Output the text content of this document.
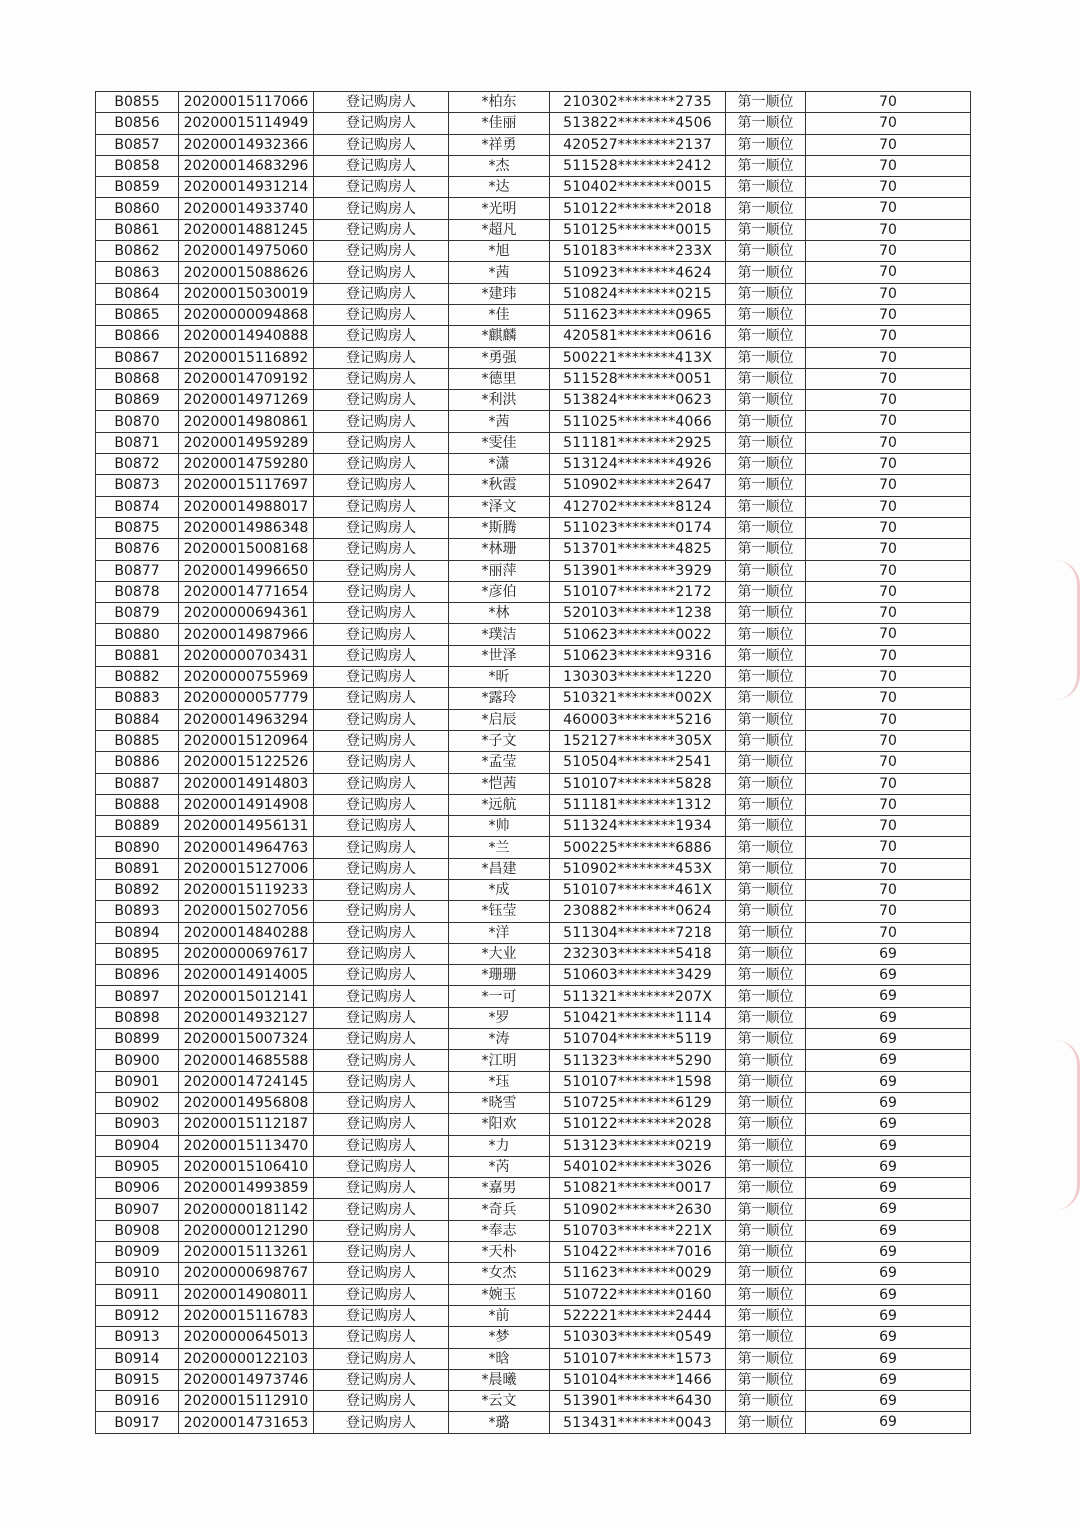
B0855	20200015117066	登记购房人	*柏东	210302********2735	第一顺位	70
B0856	20200015114949	登记购房人	*佳丽	513822********4506	第一顺位	70
B0857	20200014932366	登记购房人	*祥勇	420527********2137	第一顺位	70
B0858	20200014683296	登记购房人	*杰	511528********2412	第一顺位	70
B0859	20200014931214	登记购房人	*达	510402********0015	第一顺位	70
B0860	20200014933740	登记购房人	*光明	510122********2018	第一顺位	70
B0861	20200014881245	登记购房人	*超凡	510125********0015	第一顺位	70
B0862	20200014975060	登记购房人	*旭	510183********233X	第一顺位	70
B0863	20200015088626	登记购房人	*茜	510923********4624	第一顺位	70
B0864	20200015030019	登记购房人	*建玮	510824********0215	第一顺位	70
B0865	20200000094868	登记购房人	*佳	511623********0965	第一顺位	70
B0866	20200014940888	登记购房人	*麒麟	420581********0616	第一顺位	70
B0867	20200015116892	登记购房人	*勇强	500221********413X	第一顺位	70
B0868	20200014709192	登记购房人	*德里	511528********0051	第一顺位	70
B0869	20200014971269	登记购房人	*利洪	513824********0623	第一顺位	70
B0870	20200014980861	登记购房人	*茜	511025********4066	第一顺位	70
B0871	20200014959289	登记购房人	*雯佳	511181********2925	第一顺位	70
B0872	20200014759280	登记购房人	*潇	513124********4926	第一顺位	70
B0873	20200015117697	登记购房人	*秋霞	510902********2647	第一顺位	70
B0874	20200014988017	登记购房人	*泽文	412702********8124	第一顺位	70
B0875	20200014986348	登记购房人	*斯腾	511023********0174	第一顺位	70
B0876	20200015008168	登记购房人	*林珊	513701********4825	第一顺位	70
B0877	20200014996650	登记购房人	*丽萍	513901********3929	第一顺位	70
B0878	20200014771654	登记购房人	*彦伯	510107********2172	第一顺位	70
B0879	20200000694361	登记购房人	*林	520103********1238	第一顺位	70
B0880	20200014987966	登记购房人	*璞洁	510623********0022	第一顺位	70
B0881	20200000703431	登记购房人	*世泽	510623********9316	第一顺位	70
B0882	20200000755969	登记购房人	*昕	130303********1220	第一顺位	70
B0883	20200000057779	登记购房人	*露玲	510321********002X	第一顺位	70
B0884	20200014963294	登记购房人	*启辰	460003********5216	第一顺位	70
B0885	20200015120964	登记购房人	*子文	152127********305X	第一顺位	70
B0886	20200015122526	登记购房人	*孟莹	510504********2541	第一顺位	70
B0887	20200014914803	登记购房人	*恺茜	510107********5828	第一顺位	70
B0888	20200014914908	登记购房人	*远航	511181********1312	第一顺位	70
B0889	20200014956131	登记购房人	*帅	511324********1934	第一顺位	70
B0890	20200014964763	登记购房人	*兰	500225********6886	第一顺位	70
B0891	20200015127006	登记购房人	*昌建	510902********453X	第一顺位	70
B0892	20200015119233	登记购房人	*成	510107********461X	第一顺位	70
B0893	20200015027056	登记购房人	*钰莹	230882********0624	第一顺位	70
B0894	20200014840288	登记购房人	*洋	511304********7218	第一顺位	70
B0895	20200000697617	登记购房人	*大业	232303********5418	第一顺位	69
B0896	20200014914005	登记购房人	*珊珊	510603********3429	第一顺位	69
B0897	20200015012141	登记购房人	*一可	511321********207X	第一顺位	69
B0898	20200014932127	登记购房人	*罗	510421********1114	第一顺位	69
B0899	20200015007324	登记购房人	*涛	510704********5119	第一顺位	69
B0900	20200014685588	登记购房人	*江明	511323********5290	第一顺位	69
B0901	20200014724145	登记购房人	*珏	510107********1598	第一顺位	69
B0902	20200014956808	登记购房人	*晓雪	510725********6129	第一顺位	69
B0903	20200015112187	登记购房人	*阳欢	510122********2028	第一顺位	69
B0904	20200015113470	登记购房人	*力	513123********0219	第一顺位	69
B0905	20200015106410	登记购房人	*芮	540102********3026	第一顺位	69
B0906	20200014993859	登记购房人	*嘉男	510821********0017	第一顺位	69
B0907	20200000181142	登记购房人	*奇兵	510902********2630	第一顺位	69
B0908	20200000121290	登记购房人	*奉志	510703********221X	第一顺位	69
B0909	20200015113261	登记购房人	*天朴	510422********7016	第一顺位	69
B0910	20200000698767	登记购房人	*女杰	511623********0029	第一顺位	69
B0911	20200014908011	登记购房人	*婉玉	510722********0160	第一顺位	69
B0912	20200015116783	登记购房人	*前	522221********2444	第一顺位	69
B0913	20200000645013	登记购房人	*梦	510303********0549	第一顺位	69
B0914	20200000122103	登记购房人	*晗	510107********1573	第一顺位	69
B0915	20200014973746	登记购房人	*晨曦	510104********1466	第一顺位	69
B0916	20200015112910	登记购房人	*云文	513901********6430	第一顺位	69
B0917	20200014731653	登记购房人	*璐	513431********0043	第一顺位	69
